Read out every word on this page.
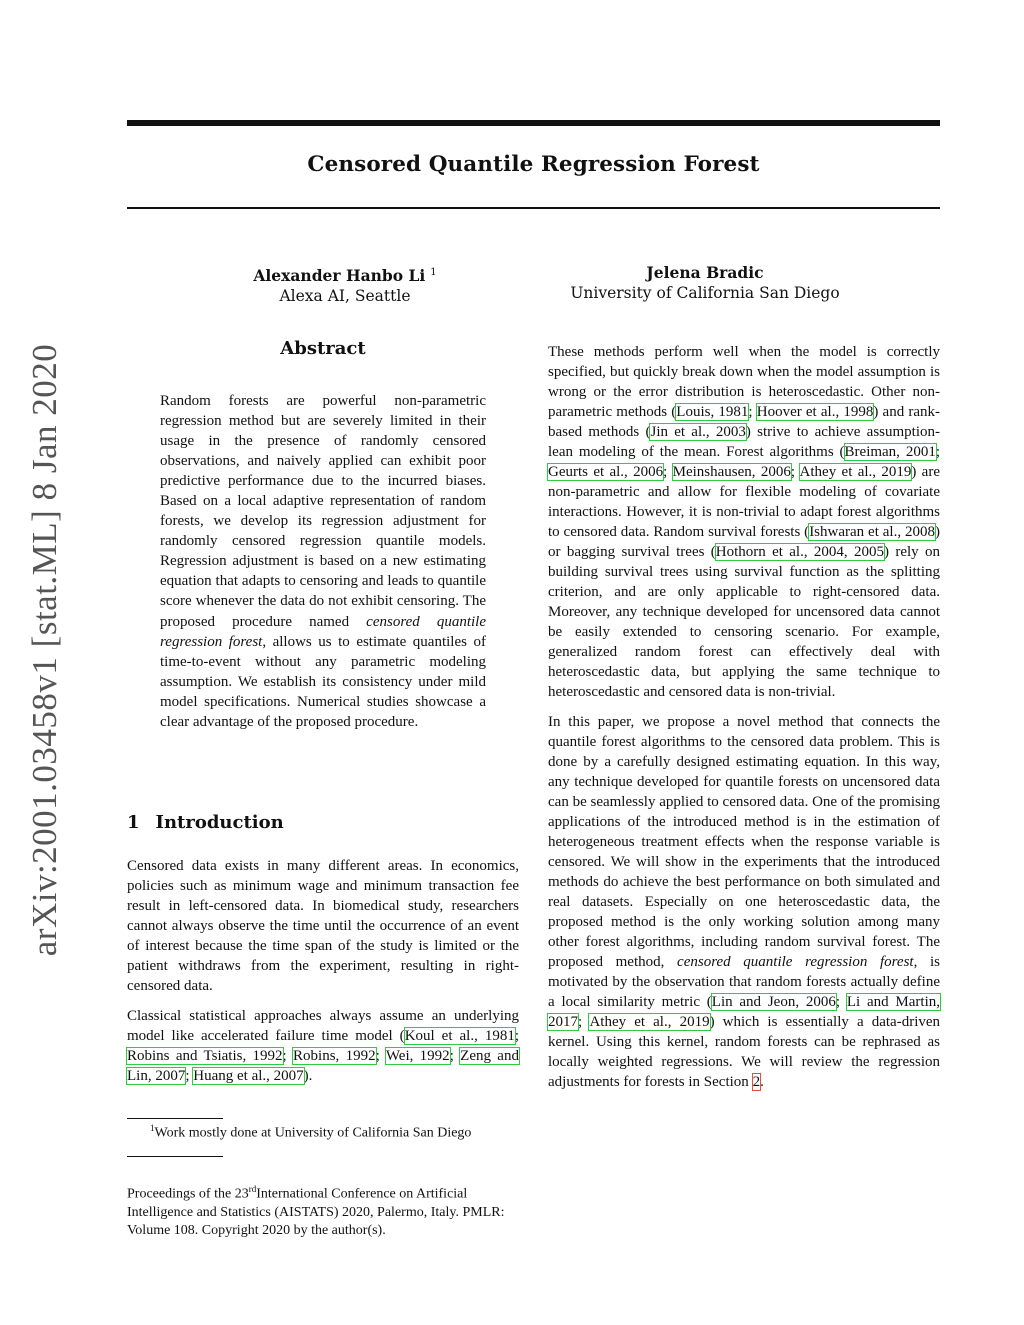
Censored Quantile Regression Forest
Alexander Hanbo Li $^1$
Alexa AI, Seattle
Jelena Bradic
University of California San Diego
arXiv:2001.03458v1 [stat.ML] 8 Jan 2020	Abstract
Random forests are powerful non-parametric regression method but are severely limited in their usage in the presence of randomly censored observations, and naively applied can exhibit poor predictive performance due to the incurred biases. Based on a local adaptive representation of random forests, we develop its regression adjustment for randomly censored regression quantile models. Regression adjustment is based on a new estimating equation that adapts to censoring and leads to quantile score whenever the data do not exhibit censoring. The proposed procedure named censored quantile regression forest, allows us to estimate quantiles of time-to-event without any parametric modeling assumption. We establish its consistency under mild model specifications. Numerical studies showcase a clear advantage of the proposed procedure.
1 Introduction

Censored data exists in many different areas. In economics, policies such as minimum wage and minimum transaction fee result in left-censored data. In biomedical study, researchers cannot always observe the time until the occurrence of an event of interest because the time span of the study is limited or the patient withdraws from the experiment, resulting in right-censored data.

Classical statistical approaches always assume an underlying model like accelerated failure time model (Koul et al., 1981; Robins and Tsiatis, 1992; Robins, 1992; Wei, 1992; Zeng and Lin, 2007; Huang et al., 2007).

$^1$Work mostly done at University of California San Diego
Proceedings of the 23rdInternational Conference on Artificial Intelligence and Statistics (AISTATS) 2020, Palermo, Italy. PMLR: Volume 108. Copyright 2020 by the author(s).

These methods perform well when the model is correctly specified, but quickly break down when the model assumption is wrong or the error distribution is heteroscedastic. Other non-parametric methods (Louis, 1981; Hoover et al., 1998) and rank-based methods (Jin et al., 2003) strive to achieve assumption-lean modeling of the mean. Forest algorithms (Breiman, 2001; Geurts et al., 2006; Meinshausen, 2006; Athey et al., 2019) are non-parametric and allow for flexible modeling of covariate interactions. However, it is non-trivial to adapt forest algorithms to censored data. Random survival forests (Ishwaran et al., 2008) or bagging survival trees (Hothorn et al., 2004, 2005) rely on building survival trees using survival function as the splitting criterion, and are only applicable to right-censored data. Moreover, any technique developed for uncensored data cannot be easily extended to censoring scenario. For example, generalized random forest can effectively deal with heteroscedastic data, but applying the same technique to heteroscedastic and censored data is non-trivial.

In this paper, we propose a novel method that connects the quantile forest algorithms to the censored data problem. This is done by a carefully designed estimating equation. In this way, any technique developed for quantile forests on uncensored data can be seamlessly applied to censored data. One of the promising applications of the introduced method is in the estimation of heterogeneous treatment effects when the response variable is censored. We will show in the experiments that the introduced methods do achieve the best performance on both simulated and real datasets. Especially on one heteroscedastic data, the proposed method is the only working solution among many other forest algorithms, including random survival forest. The proposed method, censored quantile regression forest, is motivated by the observation that random forests actually define a local similarity metric (Lin and Jeon, 2006; Li and Martin, 2017; Athey et al., 2019) which is essentially a data-driven kernel. Using this kernel, random forests can be rephrased as locally weighted regressions. We will review the regression adjustments for forests in Section 2.
